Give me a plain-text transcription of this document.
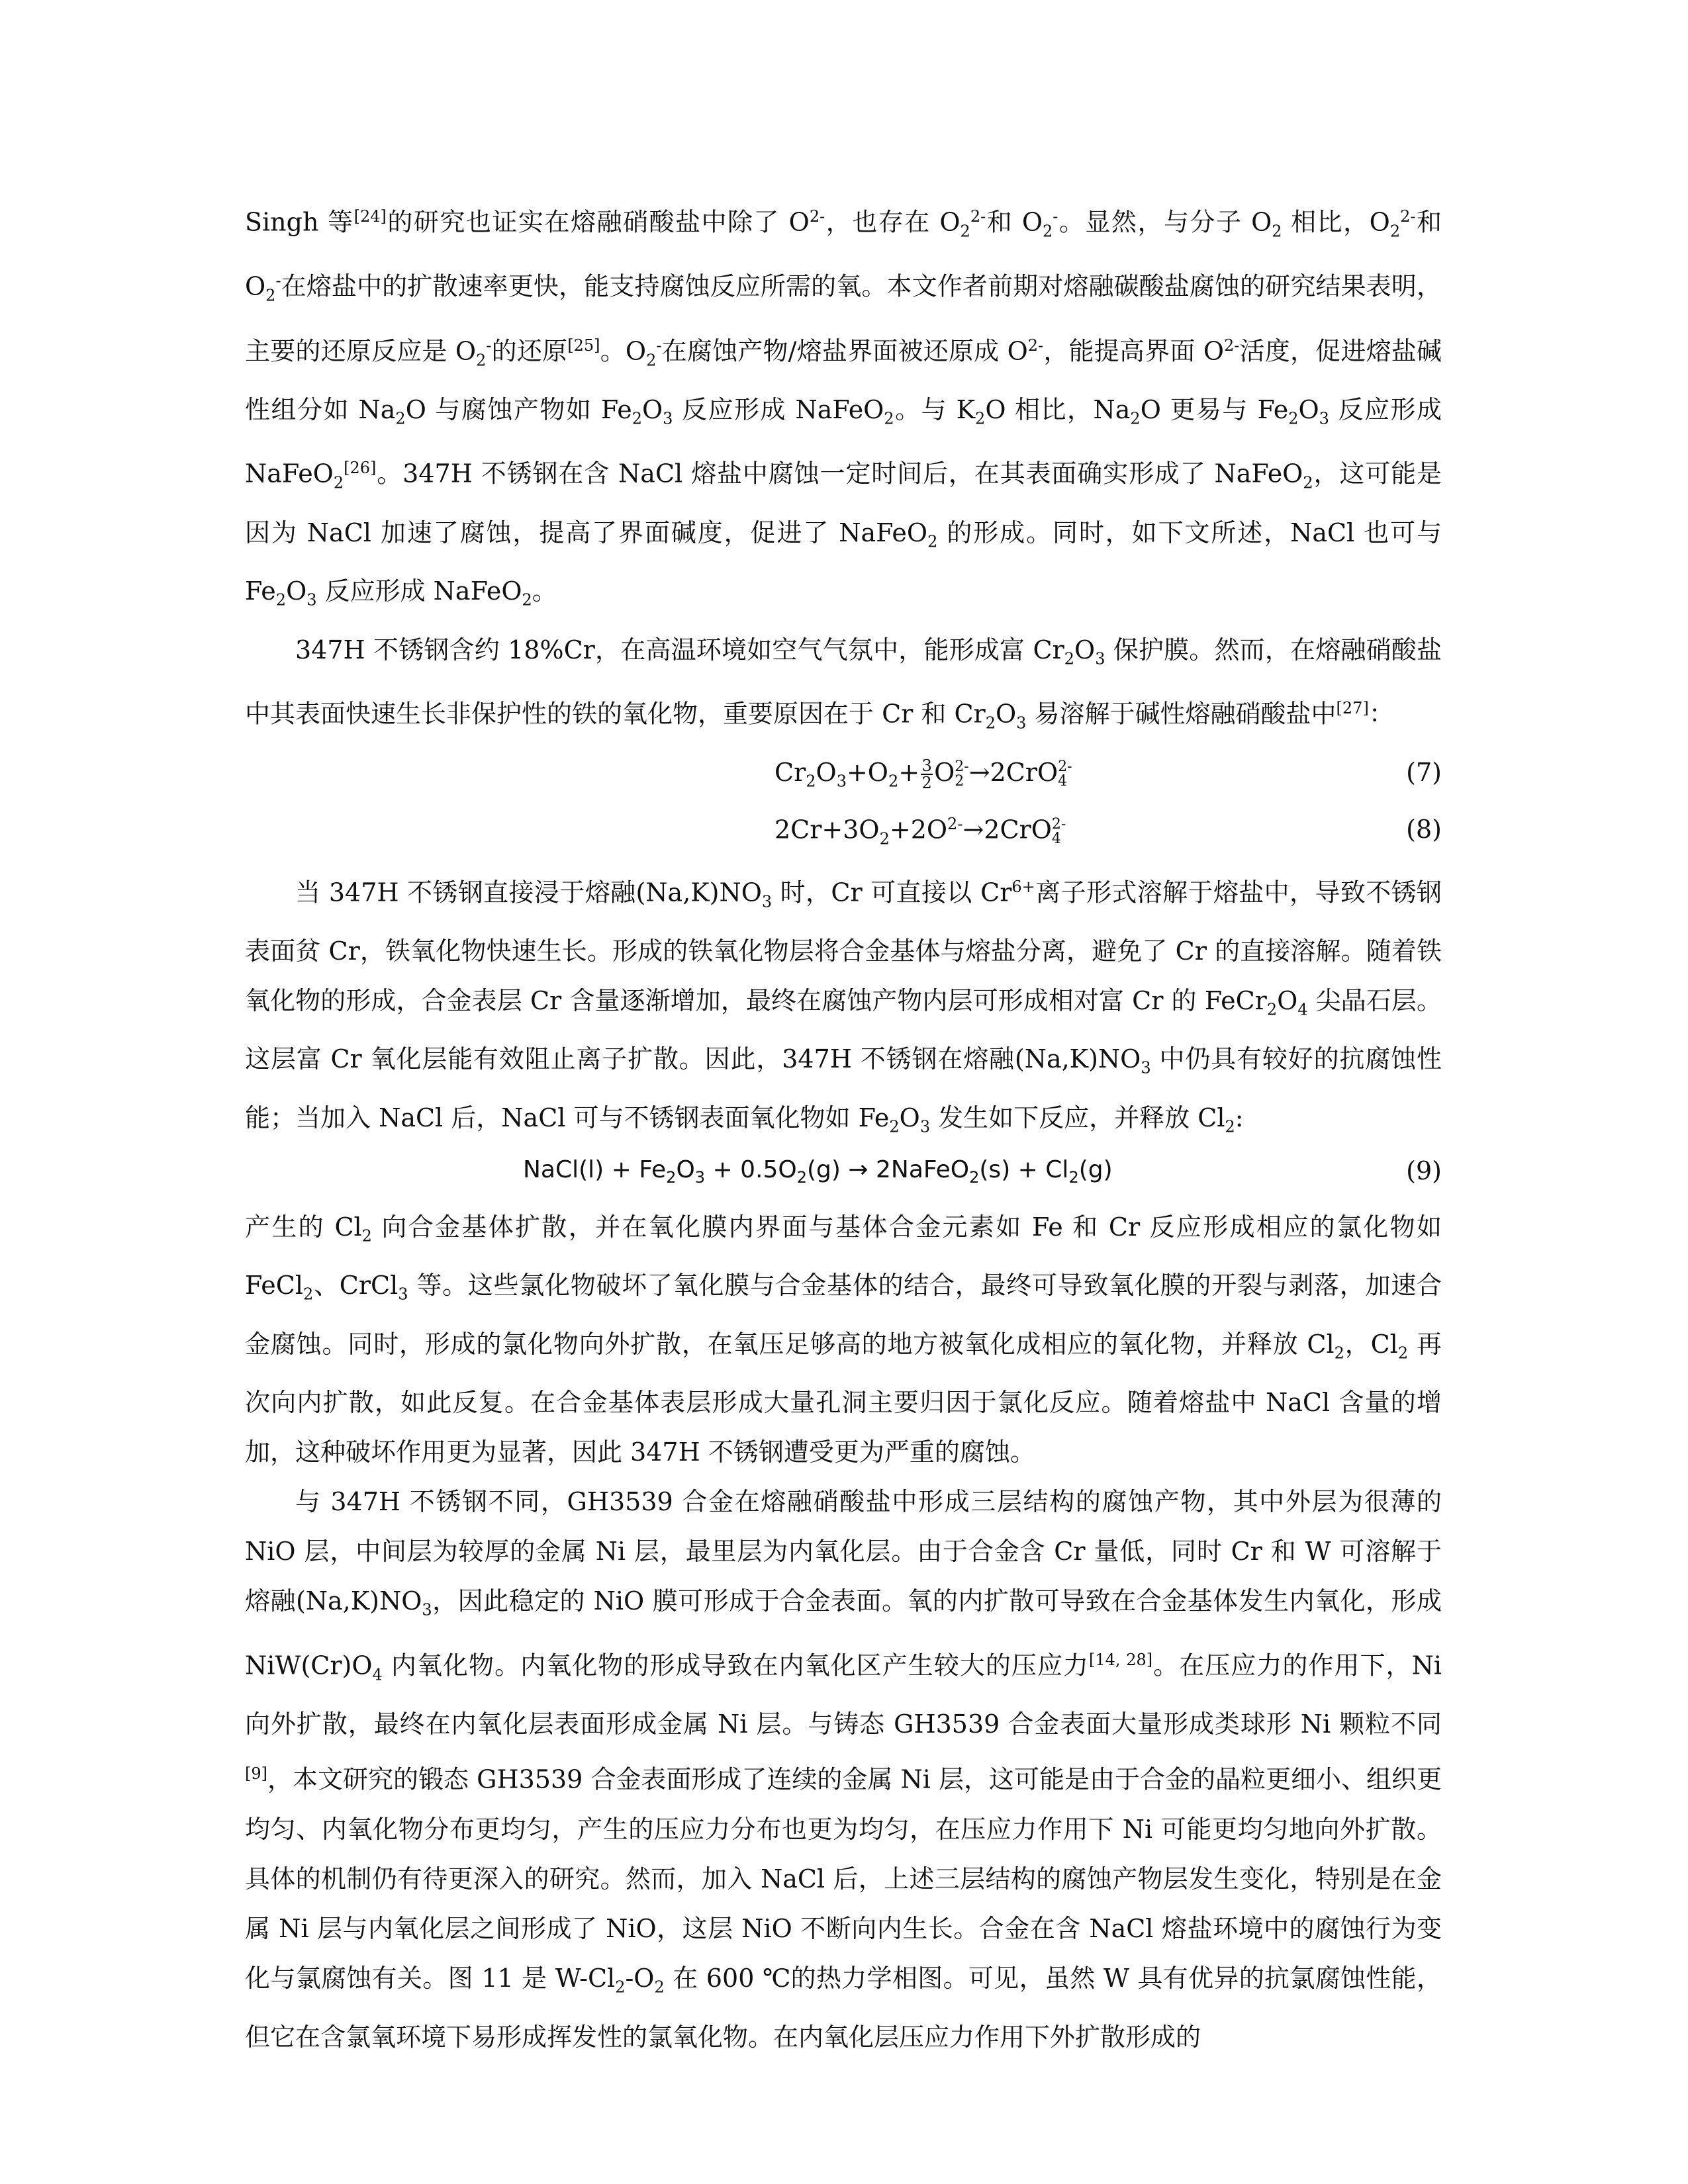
Singh 等[24]的研究也证实在熔融硝酸盐中除了 $O^{2-}$，也存在 $O_2^{2-}$和 $O_2^-$。显然，与分子 $O_2$ 相比，$O_2^{2-}$和 $O_2^-$在熔盐中的扩散速率更快，能支持腐蚀反应所需的氧。本文作者前期对熔融碳酸盐腐蚀的研究结果表明，主要的还原反应是 $O_2^-$的还原[25]。$O_2^-$在腐蚀产物/熔盐界面被还原成 $O^{2-}$，能提高界面 $O^{2-}$活度，促进熔盐碱性组分如 $Na_2O$ 与腐蚀产物如 $Fe_2O_3$ 反应形成 NaFeO$_2$。与 $K_2O$ 相比，$Na_2O$ 更易与 $Fe_2O_3$ 反应形成 NaFeO$_2$[26]。347H 不锈钢在含 NaCl 熔盐中腐蚀一定时间后，在其表面确实形成了 NaFeO$_2$，这可能是因为 NaCl 加速了腐蚀，提高了界面碱度，促进了 NaFeO$_2$ 的形成。同时，如下文所述，NaCl 也可与 $Fe_2O_3$ 反应形成 NaFeO$_2$。

347H 不锈钢含约 18%Cr，在高温环境如空气气氛中，能形成富 $Cr_2O_3$ 保护膜。然而，在熔融硝酸盐中其表面快速生长非保护性的铁的氧化物，重要原因在于 Cr 和 $Cr_2O_3$ 易溶解于碱性熔融硝酸盐中[27]：

$Cr_2O_3+O_2+ \frac{3}{2}$ O 2-
2 →2CrO 2-
4	(7)
$2Cr+3O_2+2O^{2-}\to 2CrO$ 2-
4	(8)

当 347H 不锈钢直接浸于熔融$(Na,K)NO_3$ 时，Cr 可直接以 $Cr^{6+}$离子形式溶解于熔盐中，导致不锈钢表面贫 Cr，铁氧化物快速生长。形成的铁氧化物层将合金基体与熔盐分离，避免了 Cr 的直接溶解。随着铁氧化物的形成，合金表层 Cr 含量逐渐增加，最终在腐蚀产物内层可形成相对富 Cr 的 $FeCr_2O_4$ 尖晶石层。这层富 Cr 氧化层能有效阻止离子扩散。因此，347H 不锈钢在熔融$(Na,K)NO_3$ 中仍具有较好的抗腐蚀性能；当加入 NaCl 后，NaCl 可与不锈钢表面氧化物如 $Fe_2O_3$ 发生如下反应，并释放 $Cl_2$:

NaCl(l) + $Fe_2O_3 + 0.5O_2(g)$ → 2NaFeO$_2$(s) + $Cl_2(g)$	(9)

产生的 $Cl_2$ 向合金基体扩散，并在氧化膜内界面与基体合金元素如 Fe 和 Cr 反应形成相应的氯化物如 FeCl$_2$、CrCl$_3$ 等。这些氯化物破坏了氧化膜与合金基体的结合，最终可导致氧化膜的开裂与剥落，加速合金腐蚀。同时，形成的氯化物向外扩散，在氧压足够高的地方被氧化成相应的氧化物，并释放 $Cl_2$，$Cl_2$ 再次向内扩散，如此反复。在合金基体表层形成大量孔洞主要归因于氯化反应。随着熔盐中 NaCl 含量的增加，这种破坏作用更为显著，因此 347H 不锈钢遭受更为严重的腐蚀。

与 347H 不锈钢不同，GH3539 合金在熔融硝酸盐中形成三层结构的腐蚀产物，其中外层为很薄的 NiO 层，中间层为较厚的金属 Ni 层，最里层为内氧化层。由于合金含 Cr 量低，同时 Cr 和 W 可溶解于熔融$(Na,K)NO_3$，因此稳定的 NiO 膜可形成于合金表面。氧的内扩散可导致在合金基体发生内氧化，形成 $NiW(Cr)O_4$ 内氧化物。内氧化物的形成导致在内氧化区产生较大的压应力[14, 28]。在压应力的作用下，Ni 向外扩散，最终在内氧化层表面形成金属 Ni 层。与铸态 GH3539 合金表面大量形成类球形 Ni 颗粒不同[9]，本文研究的锻态 GH3539 合金表面形成了连续的金属 Ni 层，这可能是由于合金的晶粒更细小、组织更均匀、内氧化物分布更均匀，产生的压应力分布也更为均匀，在压应力作用下 Ni 可能更均匀地向外扩散。具体的机制仍有待更深入的研究。然而，加入 NaCl 后，上述三层结构的腐蚀产物层发生变化，特别是在金属 Ni 层与内氧化层之间形成了 NiO，这层 NiO 不断向内生长。合金在含 NaCl 熔盐环境中的腐蚀行为变化与氯腐蚀有关。图 11 是 $W-Cl_2-O_2$ 在 600 ℃的热力学相图。可见，虽然 W 具有优异的抗氯腐蚀性能，但它在含氯氧环境下易形成挥发性的氯氧化物。在内氧化层压应力作用下外扩散形成的
